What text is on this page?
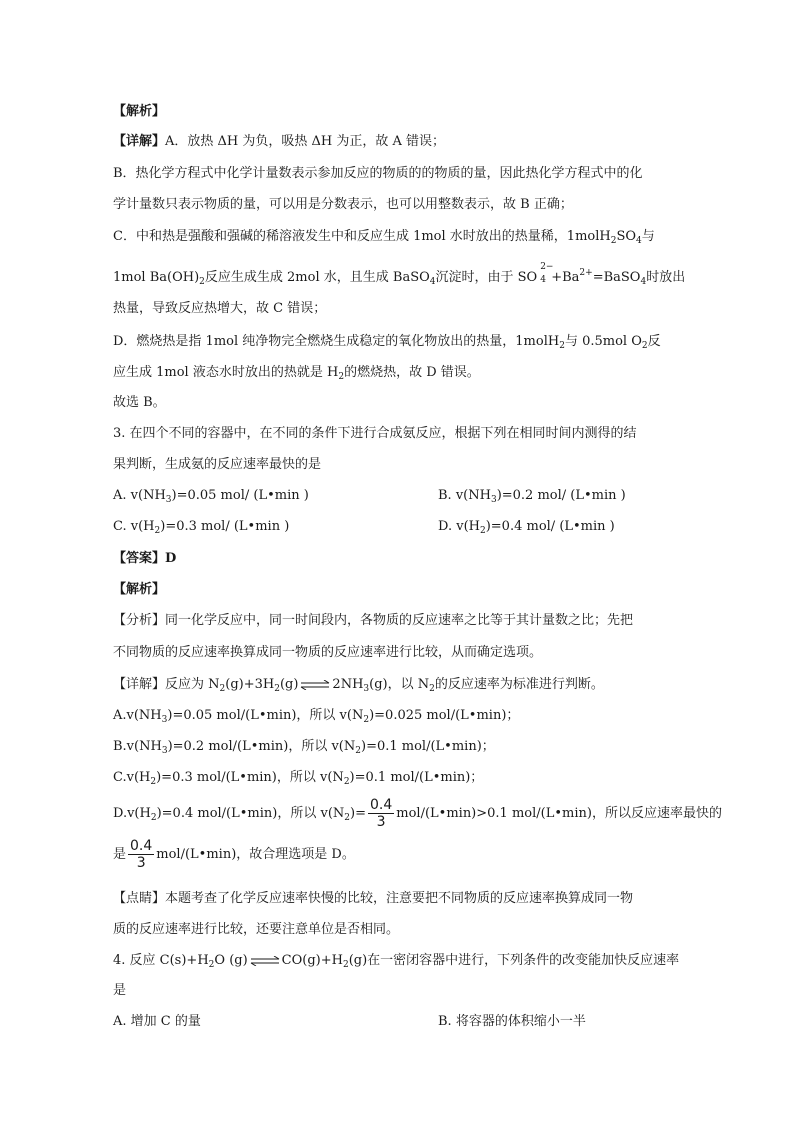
【解析】
【详解】A．放热 ΔH 为负，吸热 ΔH 为正，故 A 错误；
B．热化学方程式中化学计量数表示参加反应的物质的的物质的量，因此热化学方程式中的化
学计量数只表示物质的量，可以用是分数表示，也可以用整数表示，故 B 正确；
C．中和热是强酸和强碱的稀溶液发生中和反应生成 1mol 水时放出的热量稀，$1molH_2SO_4$与
1mol $Ba(OH)_2$反应生成生成 2mol 水，且生成 BaSO$_4$沉淀时，由于 SO
2−
$4 +Ba^{2+}=BaSO_4$时放出
热量，导致反应热增大，故 C 错误；
D．燃烧热是指 1mol 纯净物完全燃烧生成稳定的氧化物放出的热量，1molH$_2$与 0.5mol $O_2$反
应生成 1mol 液态水时放出的热就是 $H_2$的燃烧热，故 D 错误。
故选 B。
3. 在四个不同的容器中，在不同的条件下进行合成氨反应，根据下列在相同时间内测得的结
果判断，生成氨的反应速率最快的是
A. $v(NH_3)=0.05$ mol/ (L•min )	B. $v(NH_3)=0.2$ mol/ (L•min )
C. $v(H_2)=0.3$ mol/ (L•min )	D. $v(H_2)=0.4$ mol/ (L•min )
【答案】D
【解析】
【分析】同一化学反应中，同一时间段内，各物质的反应速率之比等于其计量数之比；先把
不同物质的反应速率换算成同一物质的反应速率进行比较，从而确定选项。
【详解】反应为 $N_2(g)+3H_2(g)$ ⇌ $2NH_3(g)$，以 $N_2$的反应速率为标准进行判断。
$A.v(NH_3)=0.05$ mol/(L•min)，所以 $v(N_2)=0.025$ mol/(L•min)；
$B.v(NH_3)=0.2$ mol/(L•min)，所以 $v(N_2)=0.1$ mol/(L•min)；
$C.v(H_2)=0.3$ mol/(L•min)，所以 $v(N_2)=0.1$ mol/(L•min)；
$D.v(H_2)=0.4$ mol/(L•min)，所以 $v(N_2)= \frac{0.4}{3}$ mol/(L•min)>0.1 mol/(L•min)，所以反应速率最快的
是 $\frac{0.4}{3}$ mol/(L•min)，故合理选项是 D。
【点睛】本题考查了化学反应速率快慢的比较，注意要把不同物质的反应速率换算成同一物
质的反应速率进行比较，还要注意单位是否相同。
4. 反应 $C(s)+H_2O$ (g) ⇌ $CO(g)+H_2(g)$在一密闭容器中进行，下列条件的改变能加快反应速率
是
A. 增加 C 的量	B. 将容器的体积缩小一半
